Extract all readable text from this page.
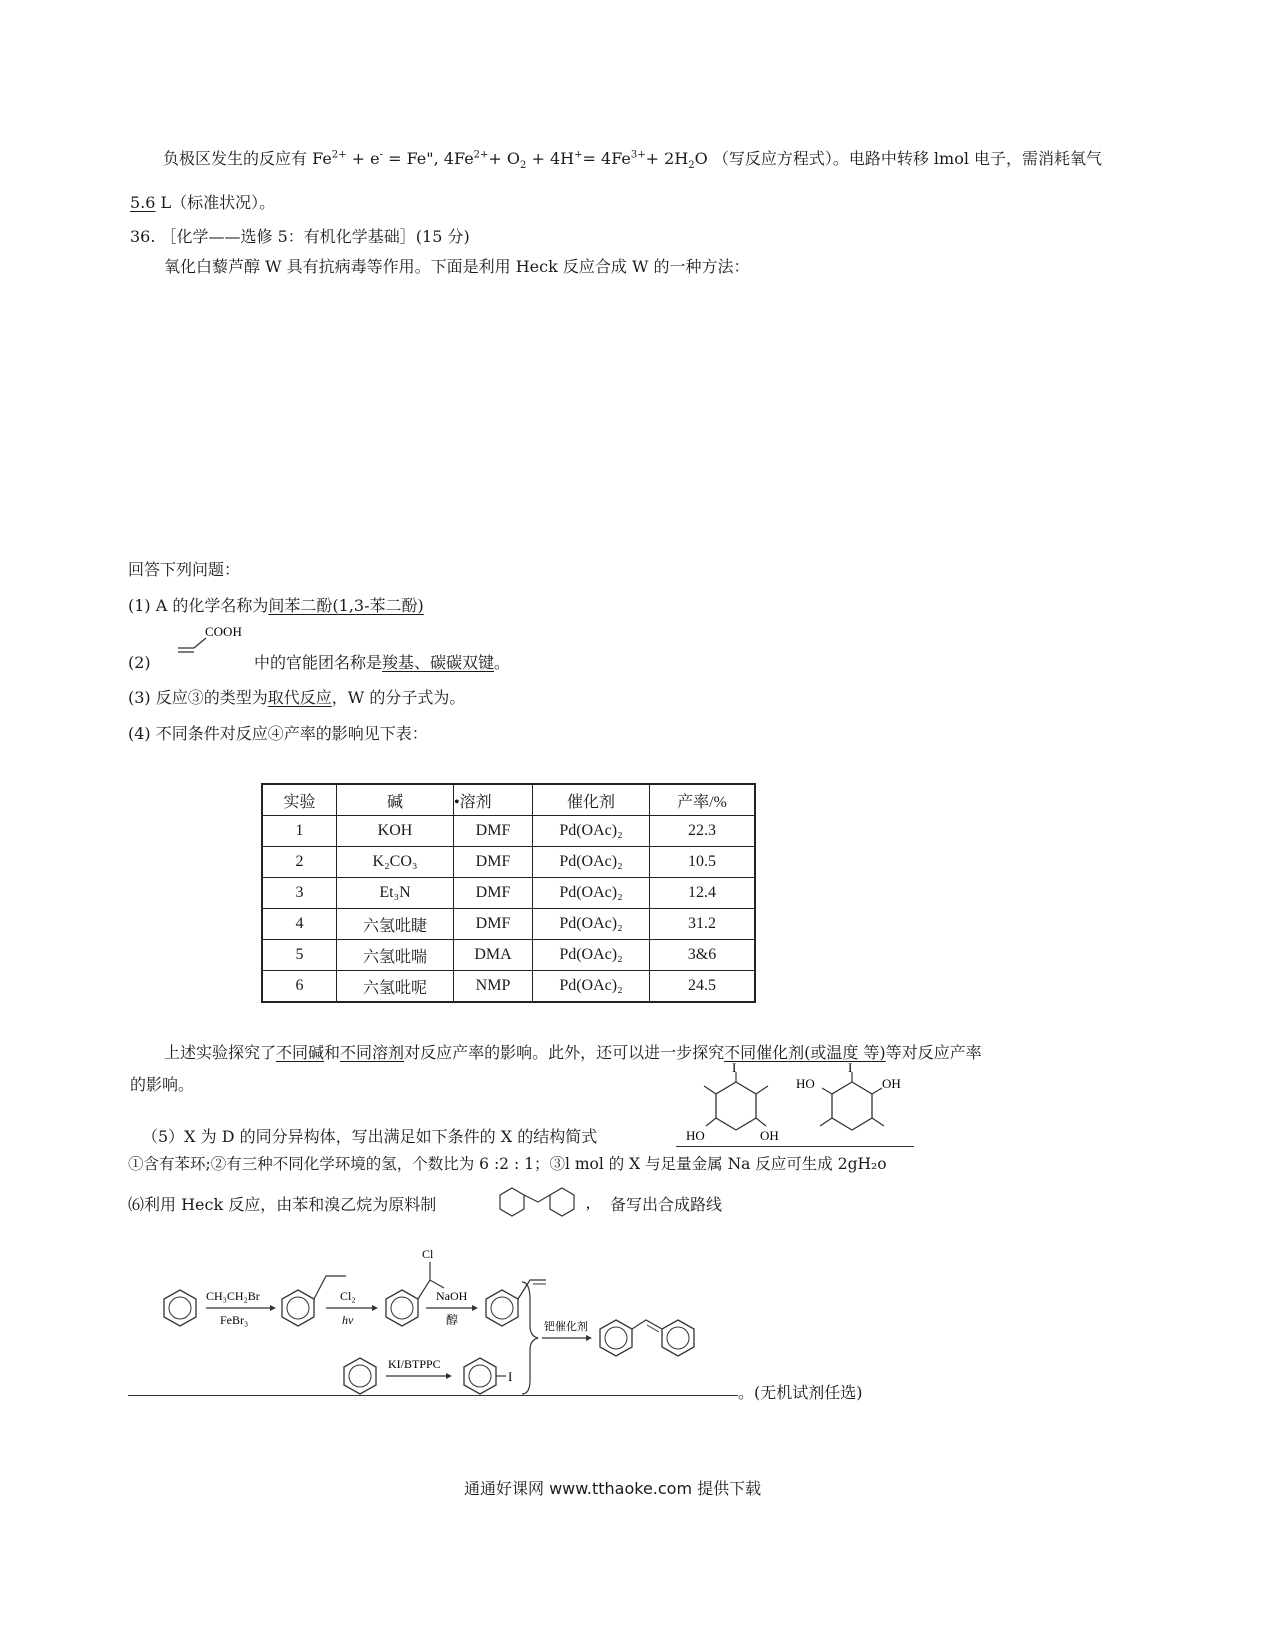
负极区发生的反应有 $Fe^{2+} + e^- = Fe$", $4Fe^{2+}+ O_2 + 4H^+= 4Fe^{3+}+ 2H_2O$ （写反应方程式）。电路中转移 lmol 电子，需消耗氧气
5.6 L（标准状况）。
36. ［化学——选修 5：有机化学基础］(15 分)
氧化白藜芦醇 W 具有抗病毒等作用。下面是利用 Heck 反应合成 W 的一种方法：
回答下列问题：
(1) A 的化学名称为间苯二酚(1,3-苯二酚)
(2)
COOH
中的官能团名称是羧基、碳碳双键。
(3) 反应③的类型为取代反应，W 的分子式为。
(4) 不同条件对反应④产率的影响见下表：
实验	碱	•溶剂	催化剂	产率/%
1	KOH	DMF	Pd(OAc)₂	22.3
2	K₂CO₃	DMF	Pd(OAc)₂	10.5
3	Et₃N	DMF	Pd(OAc)₂	12.4
4	六氢吡睫	DMF	Pd(OAc)₂	31.2
5	六氢吡喘	DMA	Pd(OAc)₂	3&6
6	六氢吡呢	NMP	Pd(OAc)₂	24.5
上述实验探究了不同碱和不同溶剂对反应产率的影响。此外，还可以进一步探究不同催化剂(或温度 等)等对反应产率
的影响。
（5）X 为 D 的同分异构体，写出满足如下条件的 X 的结构简式
I
HO	OH
I
HO	OH
①含有苯环;②有三种不同化学环境的氢，个数比为 6 :2 : 1；③l mol 的 X 与足量金属 Na 反应可生成 2gH₂o
⑹利用 Heck 反应，由苯和溴乙烷为原料制	, 备写出合成路线
CH₃CH₂Br
FeBr₃
Cl₂
hv
Cl
NaOH
醇
KI/BTPPC
I
钯催化剂
。(无机试剂任选)
通通好课网 www.tthaoke.com 提供下载
